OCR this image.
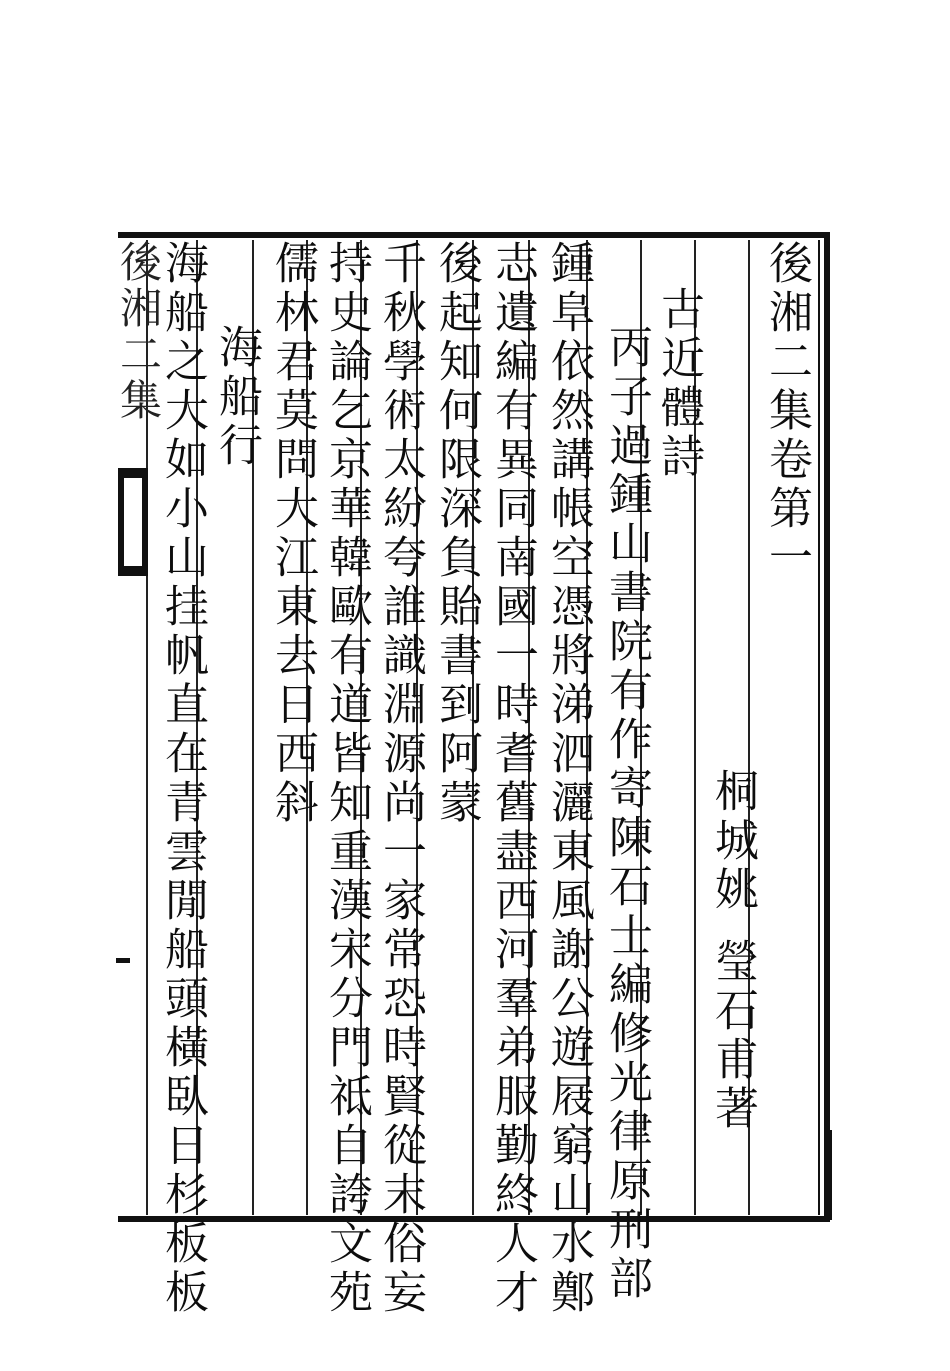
後湘二集卷第一
桐城姚
瑩石甫著
古近體詩
丙子過鍾山書院有作寄陳石士編修光律原刑部
鍾阜依然講帳空憑將涕泗灑東風謝公遊屐窮山水鄭
志遺編有異同南國一時耆舊盡西河羣弟服勤終人才
後起知何限深負貽書到阿蒙
千秋學術太紛夸誰識淵源尚一家常恐時賢從末俗妄
持史論乞京華韓歐有道皆知重漢宋分門祗自誇文苑
儒林君莫問大江東去日西斜
海船行
海船之大如小山挂帆直在青雲閒船頭橫臥日杉板板
後湘二集
